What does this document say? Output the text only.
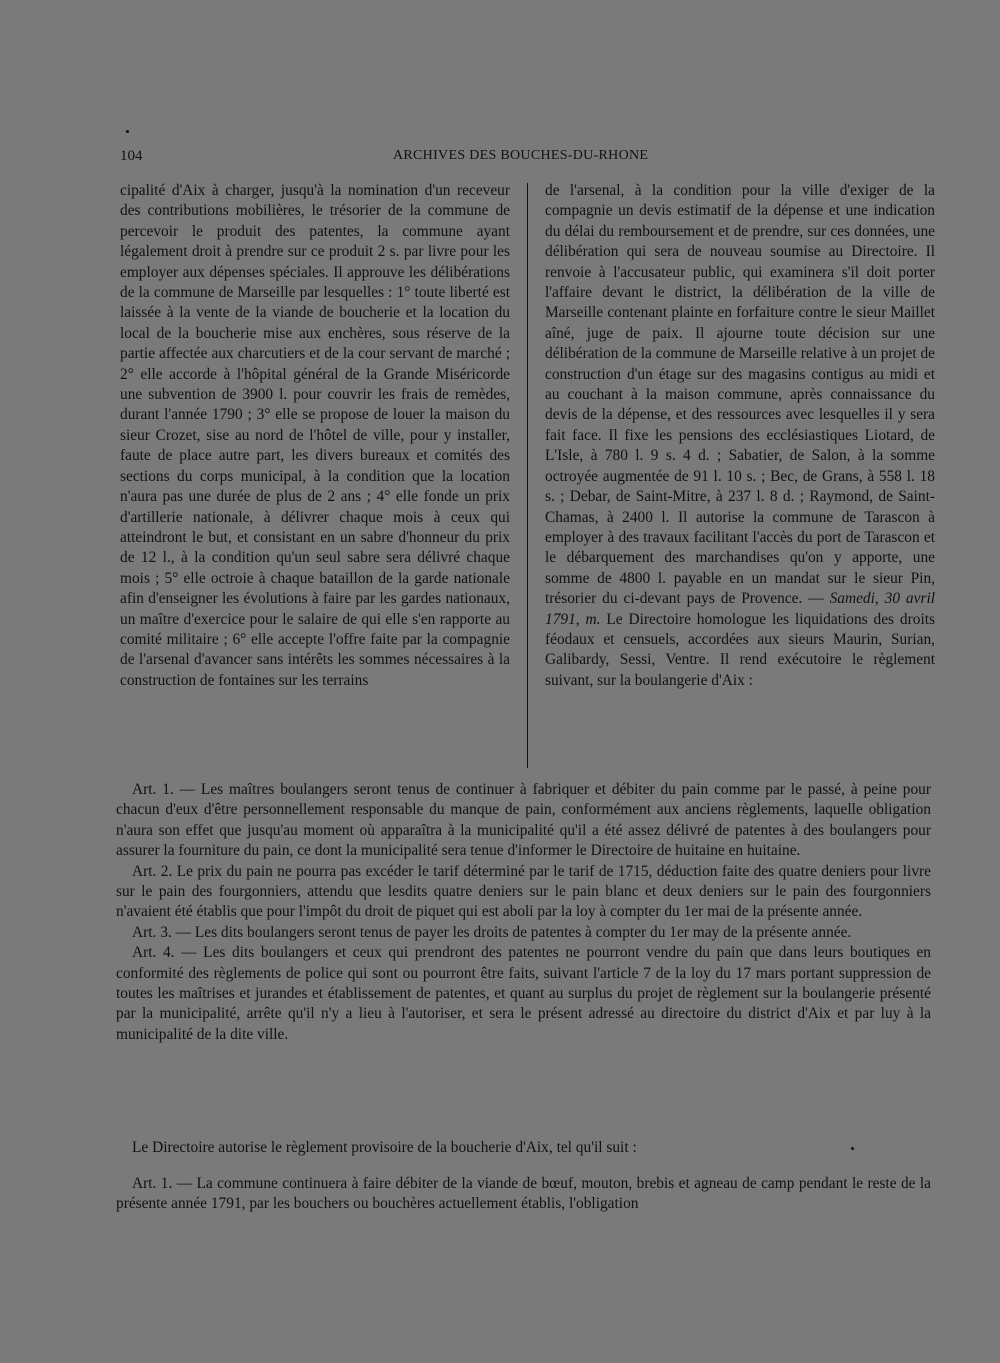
104	ARCHIVES DES BOUCHES-DU-RHONE

cipalité d'Aix à charger, jusqu'à la nomination d'un receveur des contributions mobilières, le trésorier de la commune de percevoir le produit des patentes, la commune ayant légalement droit à prendre sur ce produit 2 s. par livre pour les employer aux dépenses spéciales. Il approuve les délibérations de la commune de Marseille par lesquelles : 1° toute liberté est laissée à la vente de la viande de boucherie et la location du local de la boucherie mise aux enchères, sous réserve de la partie affectée aux charcutiers et de la cour servant de marché ; 2° elle accorde à l'hôpital général de la Grande Miséricorde une subvention de 3900 l. pour couvrir les frais de remèdes, durant l'année 1790 ; 3° elle se propose de louer la maison du sieur Crozet, sise au nord de l'hôtel de ville, pour y installer, faute de place autre part, les divers bureaux et comités des sections du corps municipal, à la condition que la location n'aura pas une durée de plus de 2 ans ; 4° elle fonde un prix d'artillerie nationale, à délivrer chaque mois à ceux qui atteindront le but, et consistant en un sabre d'honneur du prix de 12 l., à la condition qu'un seul sabre sera délivré chaque mois ; 5° elle octroie à chaque bataillon de la garde nationale afin d'enseigner les évolutions à faire par les gardes nationaux, un maître d'exercice pour le salaire de qui elle s'en rapporte au comité militaire ; 6° elle accepte l'offre faite par la compagnie de l'arsenal d'avancer sans intérêts les sommes nécessaires à la construction de fontaines sur les terrains

de l'arsenal, à la condition pour la ville d'exiger de la compagnie un devis estimatif de la dépense et une indication du délai du remboursement et de prendre, sur ces données, une délibération qui sera de nouveau soumise au Directoire. Il renvoie à l'accusateur public, qui examinera s'il doit porter l'affaire devant le district, la délibération de la ville de Marseille contenant plainte en forfaiture contre le sieur Maillet aîné, juge de paix. Il ajourne toute décision sur une délibération de la commune de Marseille relative à un projet de construction d'un étage sur des magasins contigus au midi et au couchant à la maison commune, après connaissance du devis de la dépense, et des ressources avec lesquelles il y sera fait face. Il fixe les pensions des ecclésiastiques Liotard, de L'Isle, à 780 l. 9 s. 4 d. ; Sabatier, de Salon, à la somme octroyée augmentée de 91 l. 10 s. ; Bec, de Grans, à 558 l. 18 s. ; Debar, de Saint-Mitre, à 237 l. 8 d. ; Raymond, de Saint-Chamas, à 2400 l. Il autorise la commune de Tarascon à employer à des travaux facilitant l'accès du port de Tarascon et le débarquement des marchandises qu'on y apporte, une somme de 4800 l. payable en un mandat sur le sieur Pin, trésorier du ci-devant pays de Provence. — Samedi, 30 avril 1791, m. Le Directoire homologue les liquidations des droits féodaux et censuels, accordées aux sieurs Maurin, Surian, Galibardy, Sessi, Ventre. Il rend exécutoire le règlement suivant, sur la boulangerie d'Aix :

Art. 1. — Les maîtres boulangers seront tenus de continuer à fabriquer et débiter du pain comme par le passé, à peine pour chacun d'eux d'être personnellement responsable du manque de pain, conformément aux anciens règlements, laquelle obligation n'aura son effet que jusqu'au moment où apparaîtra à la municipalité qu'il a été assez délivré de patentes à des boulangers pour assurer la fourniture du pain, ce dont la municipalité sera tenue d'informer le Directoire de huitaine en huitaine.

Art. 2. Le prix du pain ne pourra pas excéder le tarif déterminé par le tarif de 1715, déduction faite des quatre deniers pour livre sur le pain des fourgonniers, attendu que lesdits quatre deniers sur le pain blanc et deux deniers sur le pain des fourgonniers n'avaient été établis que pour l'impôt du droit de piquet qui est aboli par la loy à compter du 1er mai de la présente année.

Art. 3. — Les dits boulangers seront tenus de payer les droits de patentes à compter du 1er may de la présente année.

Art. 4. — Les dits boulangers et ceux qui prendront des patentes ne pourront vendre du pain que dans leurs boutiques en conformité des règlements de police qui sont ou pourront être faits, suivant l'article 7 de la loy du 17 mars portant suppression de toutes les maîtrises et jurandes et établissement de patentes, et quant au surplus du projet de règlement sur la boulangerie présenté par la municipalité, arrête qu'il n'y a lieu à l'autoriser, et sera le présent adressé au directoire du district d'Aix et par luy à la municipalité de la dite ville.

Le Directoire autorise le règlement provisoire de la boucherie d'Aix, tel qu'il suit :

Art. 1. — La commune continuera à faire débiter de la viande de bœuf, mouton, brebis et agneau de camp pendant le reste de la présente année 1791, par les bouchers ou bouchères actuellement établis, l'obligation
